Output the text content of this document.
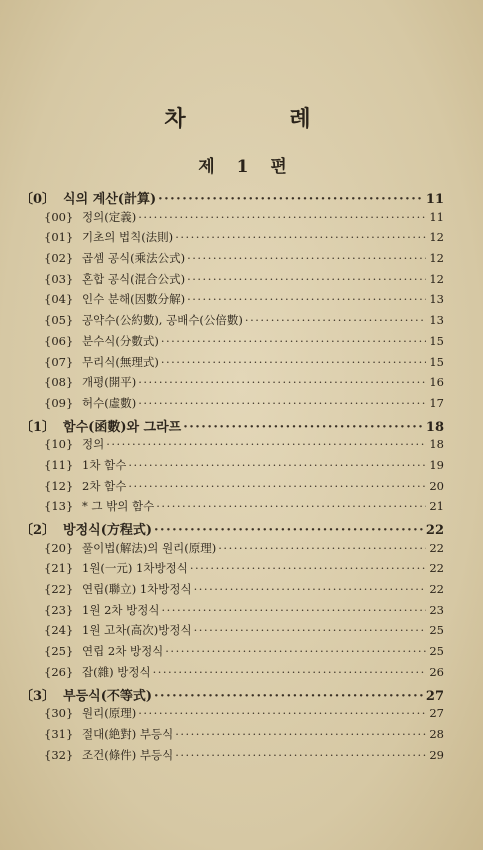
차 례
제 1 편
〔0〕 식의 계산(計算) ·····	11
{00} 정의(定義) ·····	11
{01} 기초의 법칙(法則) ·····	12
{02} 곱셈 공식(乘法公式) ·····	12
{03} 혼합 공식(混合公式) ·····	12
{04} 인수 분해(因數分解) ·····	13
{05} 공약수(公約數), 공배수(公倍數) ·····	13
{06} 분수식(分數式) ·····	15
{07} 무리식(無理式) ·····	15
{08} 개평(開平) ·····	16
{09} 허수(虛數) ·····	17
〔1〕 함수(函數)와 그라프 ·····	18
{10} 정의 ·····	18
{11} 1차 함수 ·····	19
{12} 2차 함수 ·····	20
{13} * 그 밖의 함수 ·····	21
〔2〕 방정식(方程式) ·····	22
{20} 풀이법(解法)의 원리(原理) ·····	22
{21} 1원(一元) 1차방정식 ·····	22
{22} 연립(聯立) 1차방정식 ·····	22
{23} 1원 2차 방정식 ·····	23
{24} 1원 고차(高次)방정식 ·····	25
{25} 연립 2차 방정식 ·····	25
{26} 잡(雜) 방정식 ·····	26
〔3〕 부등식(不等式) ·····	27
{30} 원리(原理) ·····	27
{31} 절대(絶對) 부등식 ·····	28
{32} 조건(條件) 부등식 ·····	29
